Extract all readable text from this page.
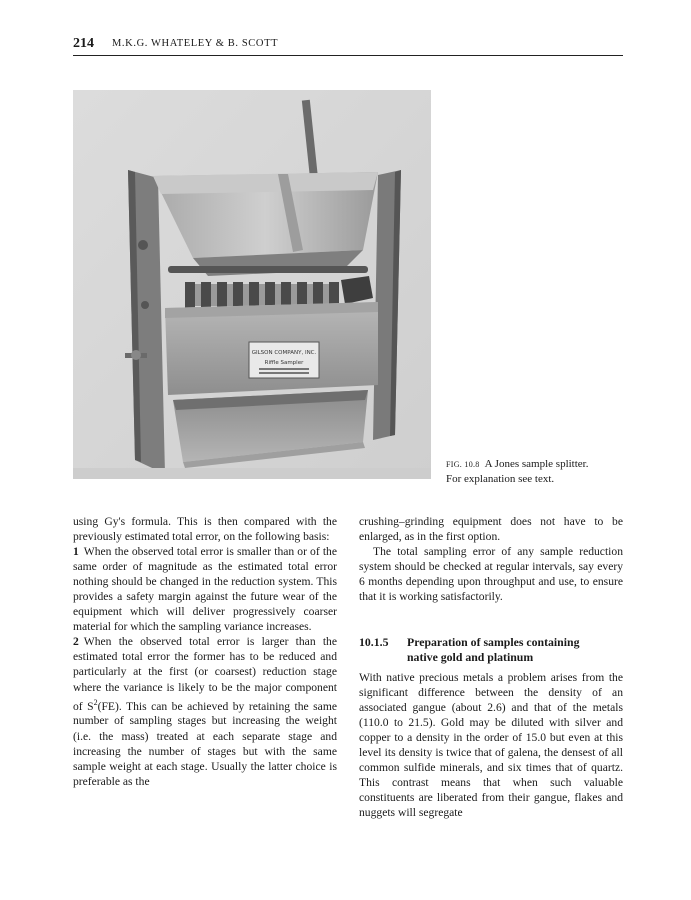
214 M.K.G. WHATELEY & B. SCOTT
GILSON COMPANY, INC.
Riffle Sampler
FIG. 10.8 A Jones sample splitter.
For explanation see text.

using Gy's formula. This is then compared with the previously estimated total error, on the following basis:

1 When the observed total error is smaller than or of the same order of magnitude as the estimated total error nothing should be changed in the reduction system. This provides a safety margin against the future wear of the equipment which will deliver progressively coarser material for which the sampling variance increases.

2 When the observed total error is larger than the estimated total error the former has to be reduced and particularly at the first (or coarsest) reduction stage where the variance is likely to be the major component of $S^2(FE)$. This can be achieved by retaining the same number of sampling stages but increasing the weight (i.e. the mass) treated at each separate stage and increasing the number of stages but with the same sample weight at each stage. Usually the latter choice is preferable as the

crushing–grinding equipment does not have to be enlarged, as in the first option.

The total sampling error of any sample reduction system should be checked at regular intervals, say every 6 months depending upon throughput and use, to ensure that it is working satisfactorily.

10.1.5 Preparation of samples containing
native gold and platinum

With native precious metals a problem arises from the significant difference between the density of an associated gangue (about 2.6) and that of the metals (110.0 to 21.5). Gold may be diluted with silver and copper to a density in the order of 15.0 but even at this level its density is twice that of galena, the densest of all common sulfide minerals, and six times that of quartz. This contrast means that when such valuable constituents are liberated from their gangue, flakes and nuggets will segregate
